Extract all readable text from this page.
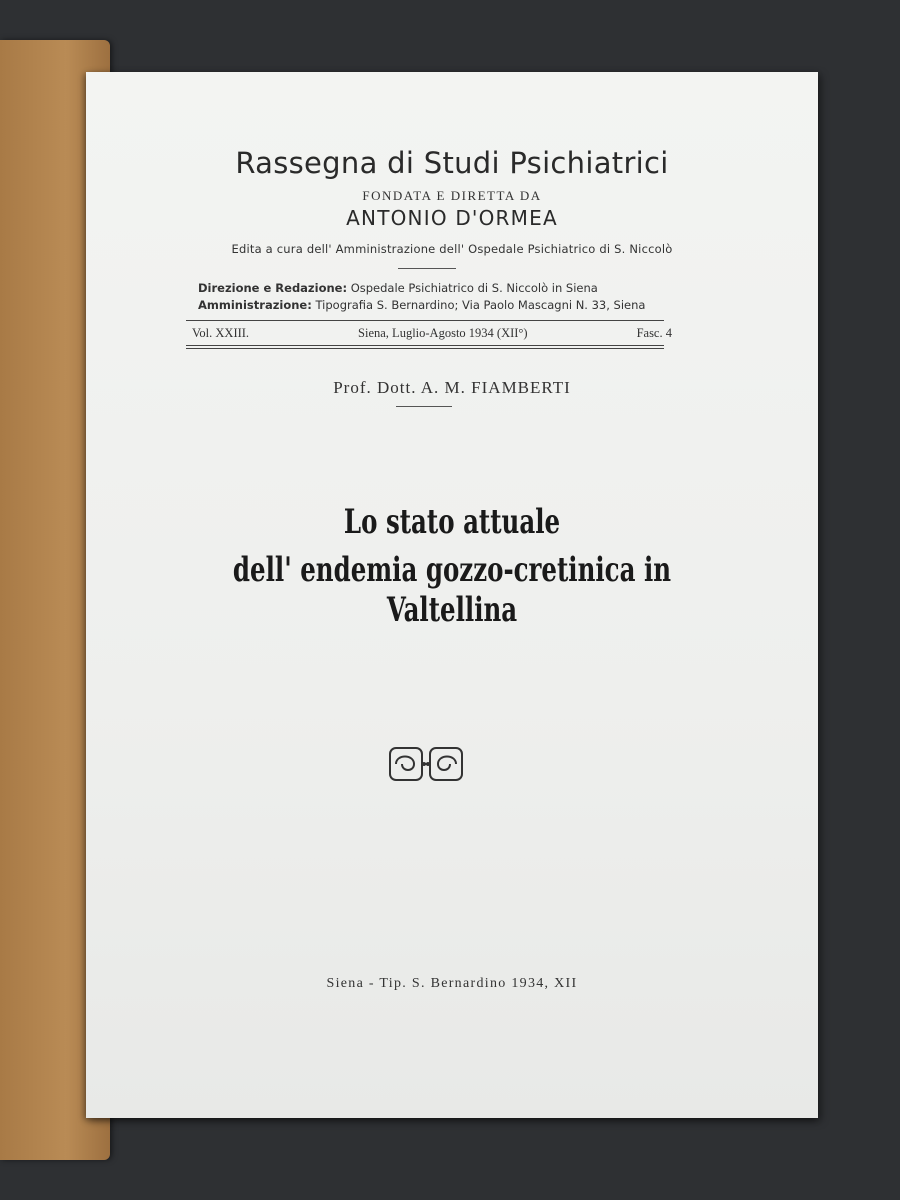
Rassegna di Studi Psichiatrici
FONDATA E DIRETTA DA
ANTONIO D'ORMEA
Edita a cura dell' Amministrazione dell' Ospedale Psichiatrico di S. Niccolò
Direzione e Redazione: Ospedale Psichiatrico di S. Niccolò in Siena
Amministrazione: Tipografia S. Bernardino; Via Paolo Mascagni N. 33, Siena
Vol. XXIII.	Siena, Luglio-Agosto 1934 (XII°)	Fasc. 4
Prof. Dott. A. M. FIAMBERTI
Lo stato attuale
dell' endemia gozzo-cretinica in Valtellina
Siena - Tip. S. Bernardino 1934, XII
